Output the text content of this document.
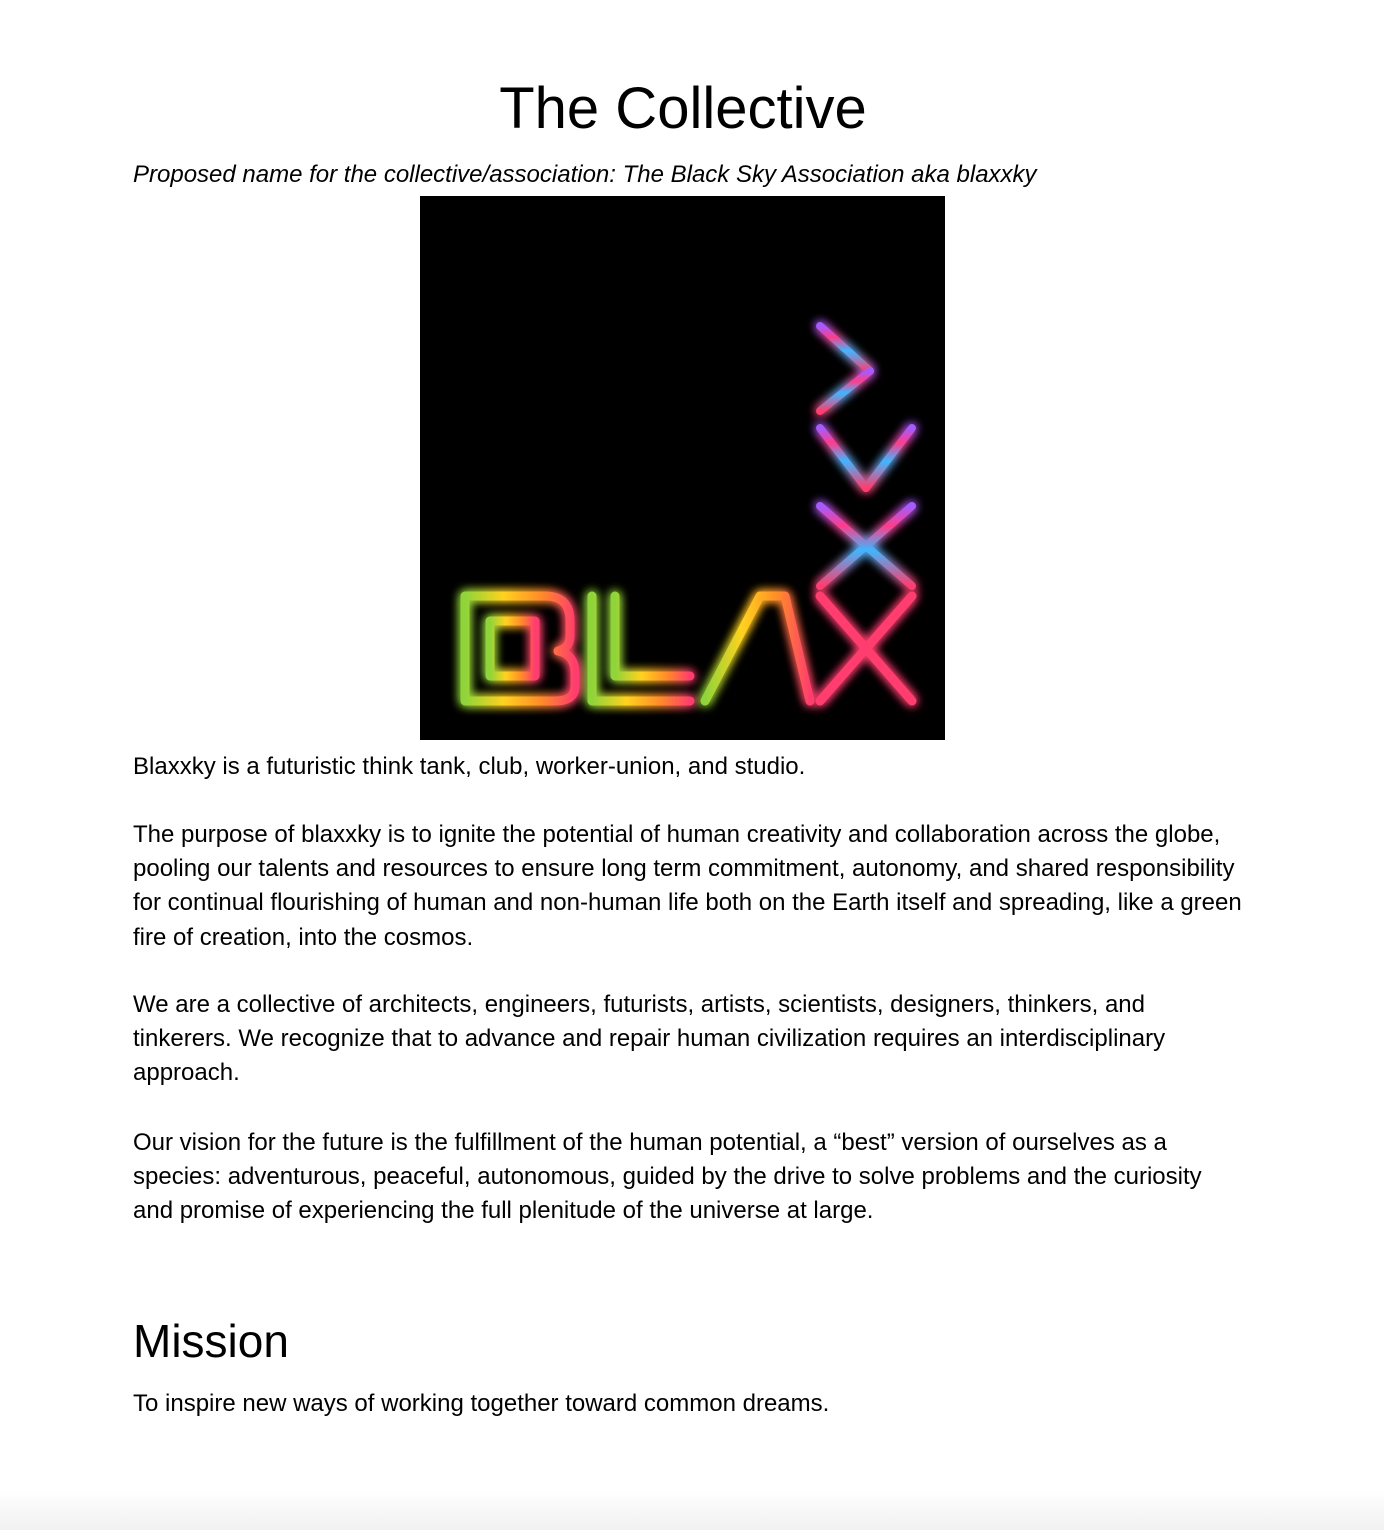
The Collective

Proposed name for the collective/association: The Black Sky Association aka blaxxky

Blaxxky is a futuristic think tank, club, worker-union, and studio.

The purpose of blaxxky is to ignite the potential of human creativity and collaboration across the globe, pooling our talents and resources to ensure long term commitment, autonomy, and shared responsibility for continual flourishing of human and non-human life both on the Earth itself and spreading, like a green fire of creation, into the cosmos.

We are a collective of architects, engineers, futurists, artists, scientists, designers, thinkers, and tinkerers. We recognize that to advance and repair human civilization requires an interdisciplinary approach.

Our vision for the future is the fulfillment of the human potential, a “best” version of ourselves as a species: adventurous, peaceful, autonomous, guided by the drive to solve problems and the curiosity and promise of experiencing the full plenitude of the universe at large.

Mission

To inspire new ways of working together toward common dreams.
